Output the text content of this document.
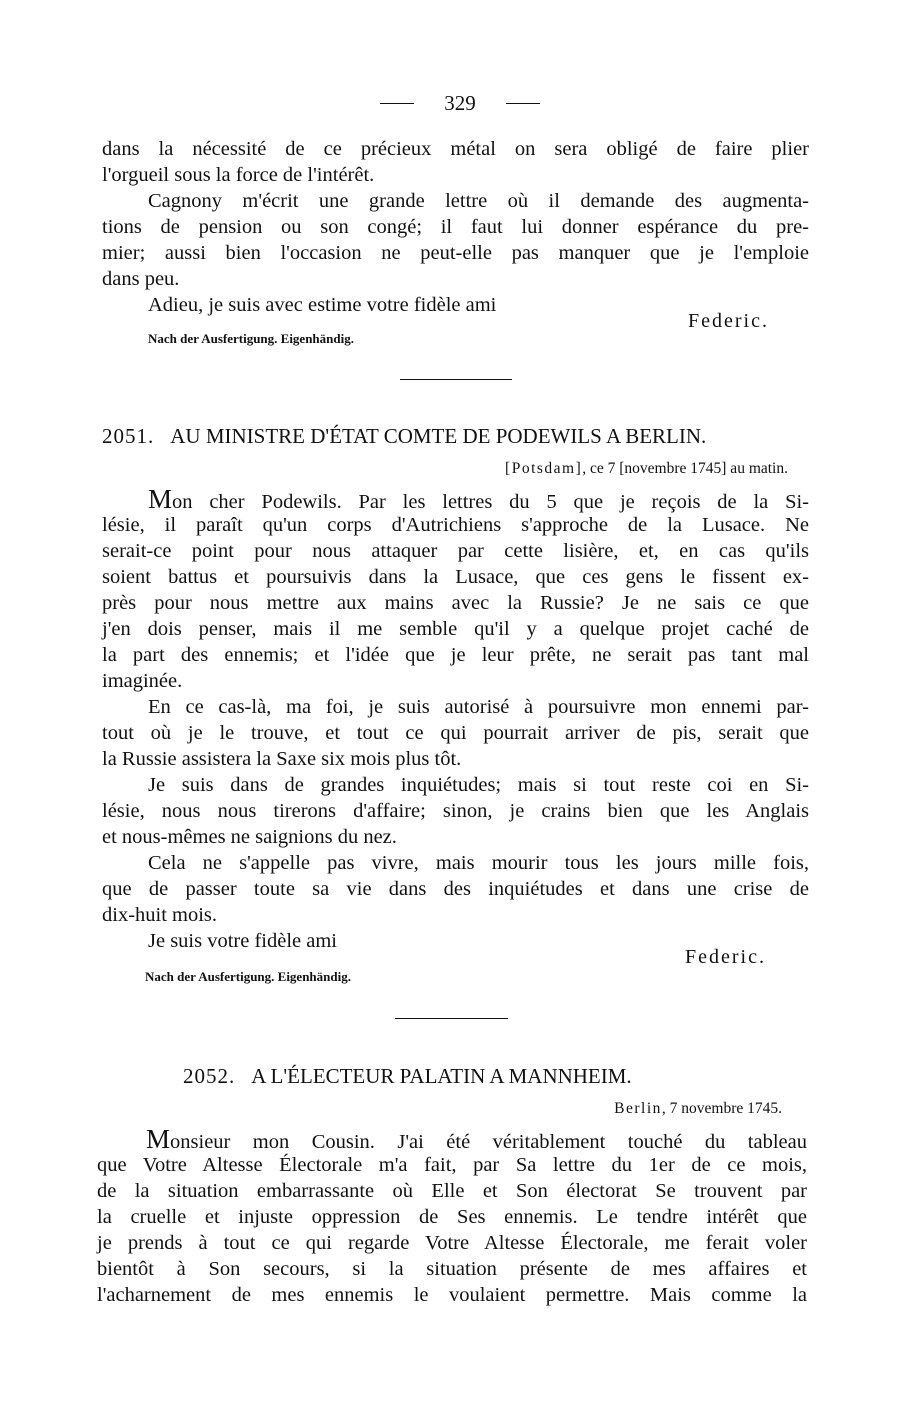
329
dans la nécessité de ce précieux métal on sera obligé de faire plier
l'orgueil sous la force de l'intérêt.
Cagnony m'écrit une grande lettre où il demande des augmenta-
tions de pension ou son congé; il faut lui donner espérance du pre-
mier; aussi bien l'occasion ne peut-elle pas manquer que je l'emploie
dans peu.
Adieu, je suis avec estime votre fidèle ami
Federic.
Nach der Ausfertigung. Eigenhändig.
2051. AU MINISTRE D'ÉTAT COMTE DE PODEWILS A BERLIN.
[Potsdam], ce 7 [novembre 1745] au matin.
Mon cher Podewils. Par les lettres du 5 que je reçois de la Si-
lésie, il paraît qu'un corps d'Autrichiens s'approche de la Lusace. Ne
serait-ce point pour nous attaquer par cette lisière, et, en cas qu'ils
soient battus et poursuivis dans la Lusace, que ces gens le fissent ex-
près pour nous mettre aux mains avec la Russie? Je ne sais ce que
j'en dois penser, mais il me semble qu'il y a quelque projet caché de
la part des ennemis; et l'idée que je leur prête, ne serait pas tant mal
imaginée.
En ce cas-là, ma foi, je suis autorisé à poursuivre mon ennemi par-
tout où je le trouve, et tout ce qui pourrait arriver de pis, serait que
la Russie assistera la Saxe six mois plus tôt.
Je suis dans de grandes inquiétudes; mais si tout reste coi en Si-
lésie, nous nous tirerons d'affaire; sinon, je crains bien que les Anglais
et nous-mêmes ne saignions du nez.
Cela ne s'appelle pas vivre, mais mourir tous les jours mille fois,
que de passer toute sa vie dans des inquiétudes et dans une crise de
dix-huit mois.
Je suis votre fidèle ami
Federic.
Nach der Ausfertigung. Eigenhändig.
2052. A L'ÉLECTEUR PALATIN A MANNHEIM.
Berlin, 7 novembre 1745.
Monsieur mon Cousin. J'ai été véritablement touché du tableau
que Votre Altesse Électorale m'a fait, par Sa lettre du 1er de ce mois,
de la situation embarrassante où Elle et Son électorat Se trouvent par
la cruelle et injuste oppression de Ses ennemis. Le tendre intérêt que
je prends à tout ce qui regarde Votre Altesse Électorale, me ferait voler
bientôt à Son secours, si la situation présente de mes affaires et
l'acharnement de mes ennemis le voulaient permettre. Mais comme la
